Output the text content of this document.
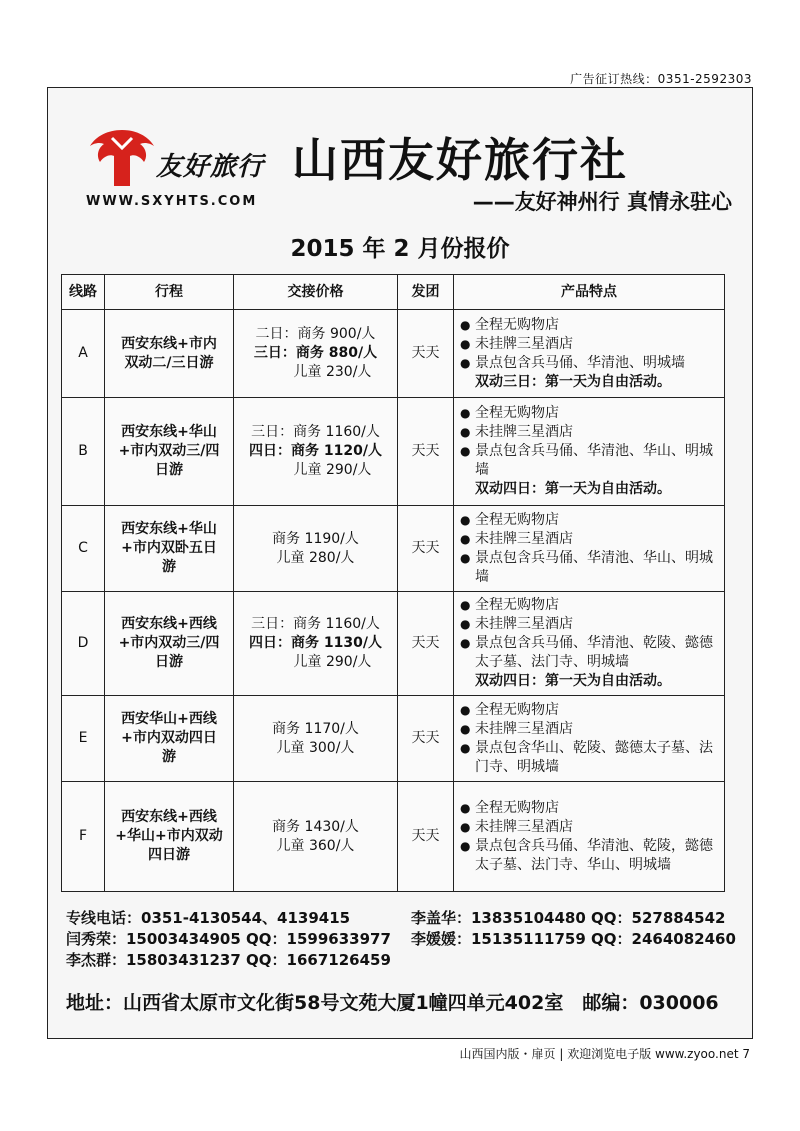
广告征订热线：0351-2592303
友好旅行
WWW.SXYHTS.COM
山西友好旅行社
——友好神州行 真情永驻心
2015 年 2 月份报价
线路	行程	交接价格	发团	产品特点
A	西安东线+市内双动二/三日游	二日：商务 900/人
三日：商务 880/人
儿童 230/人	天天	● 全程无购物店
● 未挂牌三星酒店
● 景点包含兵马俑、华清池、明城墙
双动三日：第一天为自由活动。

B	西安东线+华山+市内双动三/四日游	三日：商务 1160/人
四日：商务 1120/人
儿童 290/人	天天	● 全程无购物店
● 未挂牌三星酒店
● 景点包含兵马俑、华清池、华山、明城墙
双动四日：第一天为自由活动。

C	西安东线+华山+市内双卧五日游	商务 1190/人
儿童 280/人	天天	● 全程无购物店
● 未挂牌三星酒店
● 景点包含兵马俑、华清池、华山、明城墙

D	西安东线+西线+市内双动三/四日游	三日：商务 1160/人
四日：商务 1130/人
儿童 290/人	天天	● 全程无购物店
● 未挂牌三星酒店
● 景点包含兵马俑、华清池、乾陵、懿德太子墓、法门寺、明城墙
双动四日：第一天为自由活动。

E	西安华山+西线+市内双动四日游	商务 1170/人
儿童 300/人	天天	● 全程无购物店
● 未挂牌三星酒店
● 景点包含华山、乾陵、懿德太子墓、法门寺、明城墙

F	西安东线+西线+华山+市内双动四日游	商务 1430/人
儿童 360/人	天天	● 全程无购物店
● 未挂牌三星酒店
● 景点包含兵马俑、华清池、乾陵，懿德太子墓、法门寺、华山、明城墙
专线电话：0351-4130544、4139415	李盖华：13835104480 QQ：527884542
闫秀荣：15003434905 QQ：1599633977	李媛媛：15135111759 QQ：2464082460
李杰群：15803431237 QQ：1667126459
地址：山西省太原市文化街58号文苑大厦1幢四单元402室　邮编：030006
山西国内版・扉页 | 欢迎浏览电子版 www.zyoo.net 7
